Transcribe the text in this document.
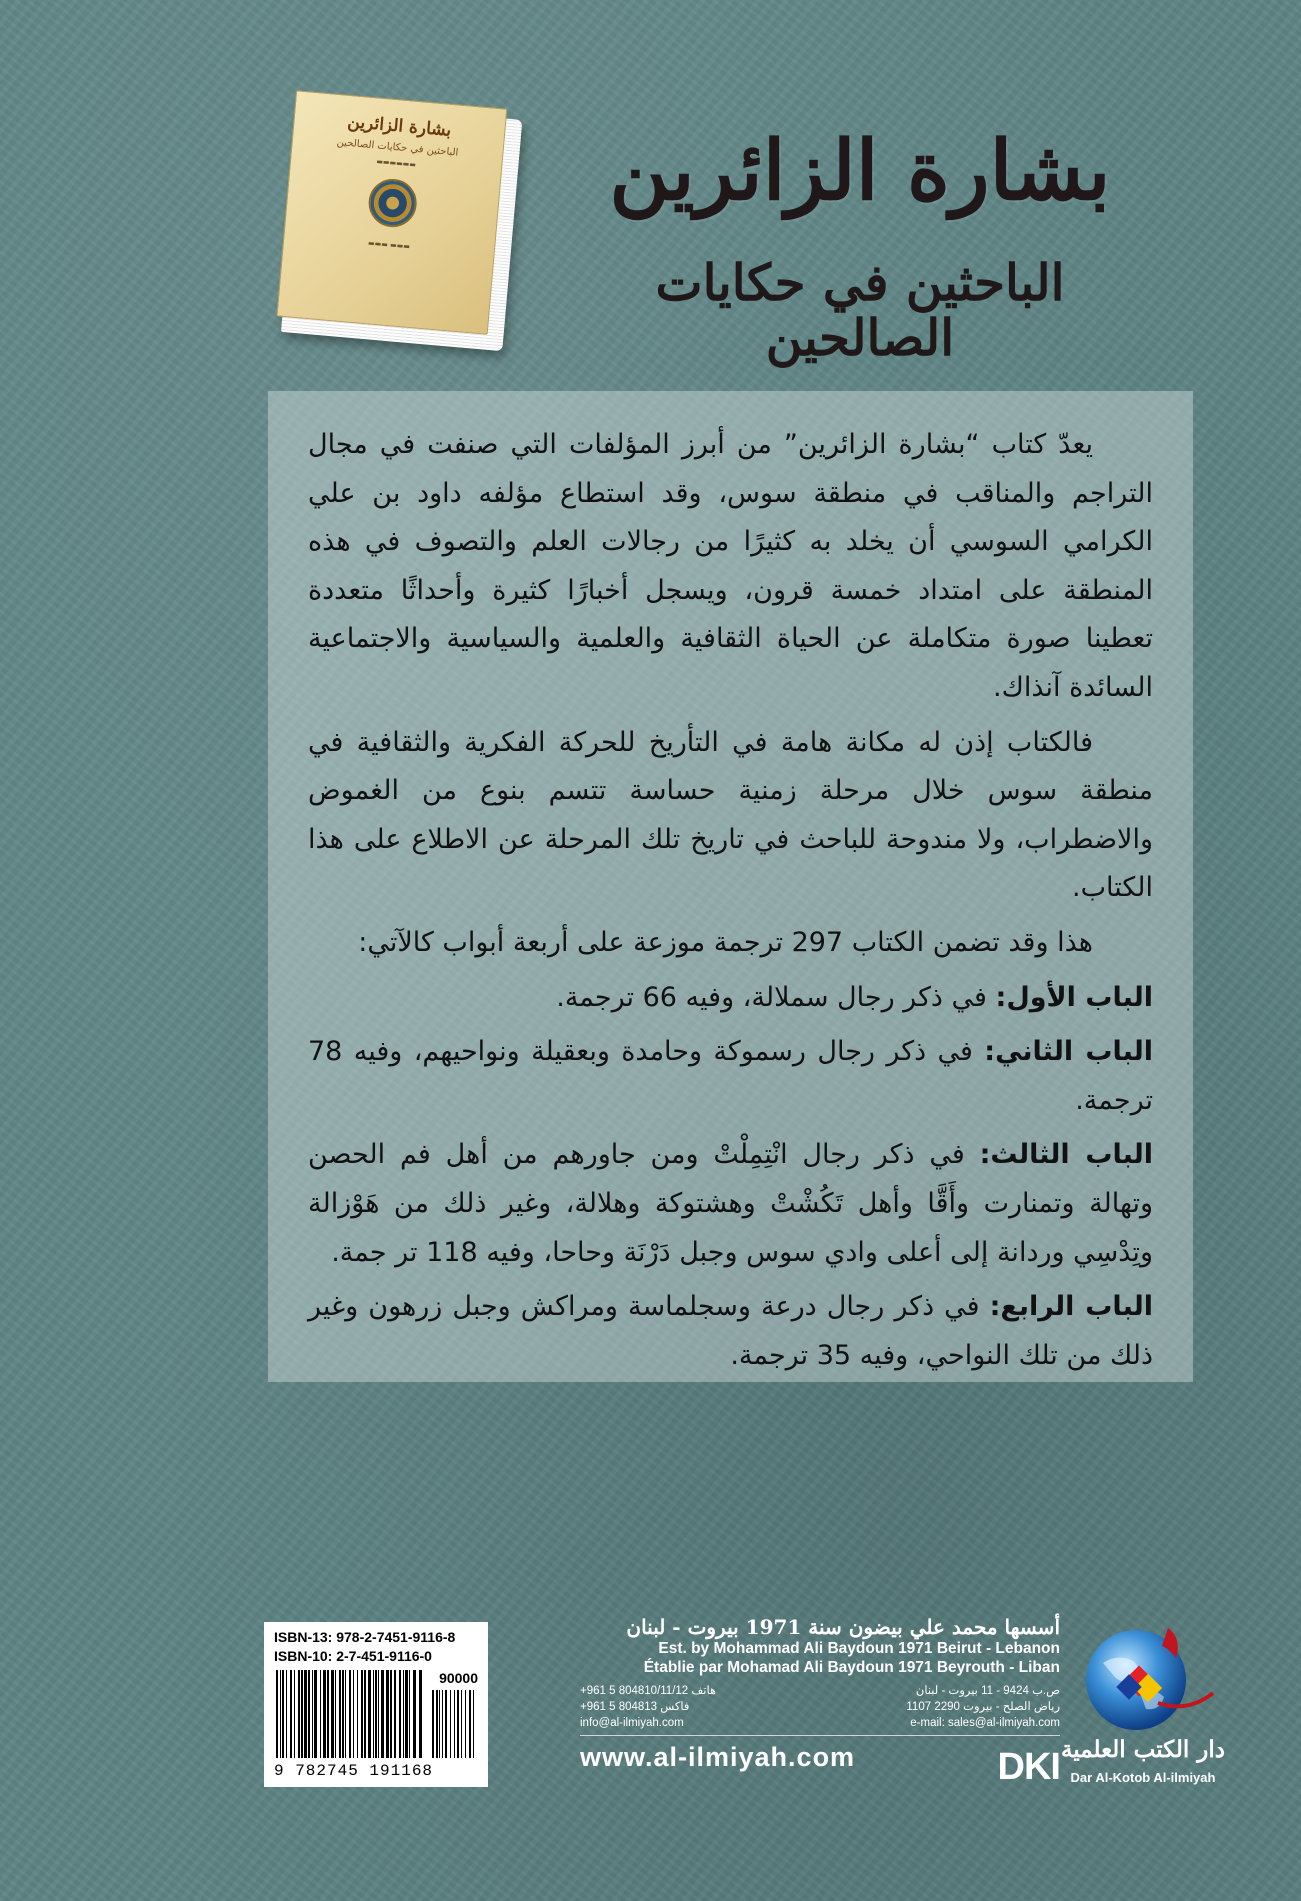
بشارة الزائرين
الباحثين في حكايات الصالحين
▬▬▬▬▬▬
▬▬▬ ▬▬▬
بشارة الزائرين
الباحثين في حكايات الصالحين

يعدّ كتاب “بشارة الزائرين” من أبرز المؤلفات التي صنفت في مجال التراجم والمناقب في منطقة سوس، وقد استطاع مؤلفه داود بن علي الكرامي السوسي أن يخلد به كثيرًا من رجالات العلم والتصوف في هذه المنطقة على امتداد خمسة قرون، ويسجل أخبارًا كثيرة وأحداثًا متعددة تعطينا صورة متكاملة عن الحياة الثقافية والعلمية والسياسية والاجتماعية السائدة آنذاك.

فالكتاب إذن له مكانة هامة في التأريخ للحركة الفكرية والثقافية في منطقة سوس خلال مرحلة زمنية حساسة تتسم بنوع من الغموض والاضطراب، ولا مندوحة للباحث في تاريخ تلك المرحلة عن الاطلاع على هذا الكتاب.

هذا وقد تضمن الكتاب 297 ترجمة موزعة على أربعة أبواب كالآتي:

الباب الأول: في ذكر رجال سملالة، وفيه 66 ترجمة.

الباب الثاني: في ذكر رجال رسموكة وحامدة وبعقيلة ونواحيهم، وفيه 78 ترجمة.

الباب الثالث: في ذكر رجال انْتِمِلْتْ ومن جاورهم من أهل فم الحصن وتهالة وتمنارت وأَقَّا وأهل تَكُشْتْ وهشتوكة وهلالة، وغير ذلك من هَوْزالة وتِدْسِي وردانة إلى أعلى وادي سوس وجبل دَرْنَة وحاحا، وفيه 118 تر جمة.

الباب الرابع: في ذكر رجال درعة وسجلماسة ومراكش وجبل زرهون وغير ذلك من تلك النواحي، وفيه 35 ترجمة.

ISBN-13: 978-2-7451-9116-8
ISBN-10: 2-7-451-9116-0
90000
9 782745 191168
أسسها محمد علي بيضون سنة 1971 بيروت - لبنان
Est. by Mohammad Ali Baydoun 1971 Beirut - Lebanon
Établie par Mohamad Ali Baydoun 1971 Beyrouth - Liban
+961 5 804810/11/12 هاتف	ص.ب 9424 - 11 بيروت - لبنان
+961 5 804813 فاكس	رياض الصلح - بيروت 2290 1107
info@al-ilmiyah.com	e-mail: sales@al-ilmiyah.com
www.al-ilmiyah.com	DKI دار الكتب العلمية
Dar Al-Kotob Al-ilmiyah
